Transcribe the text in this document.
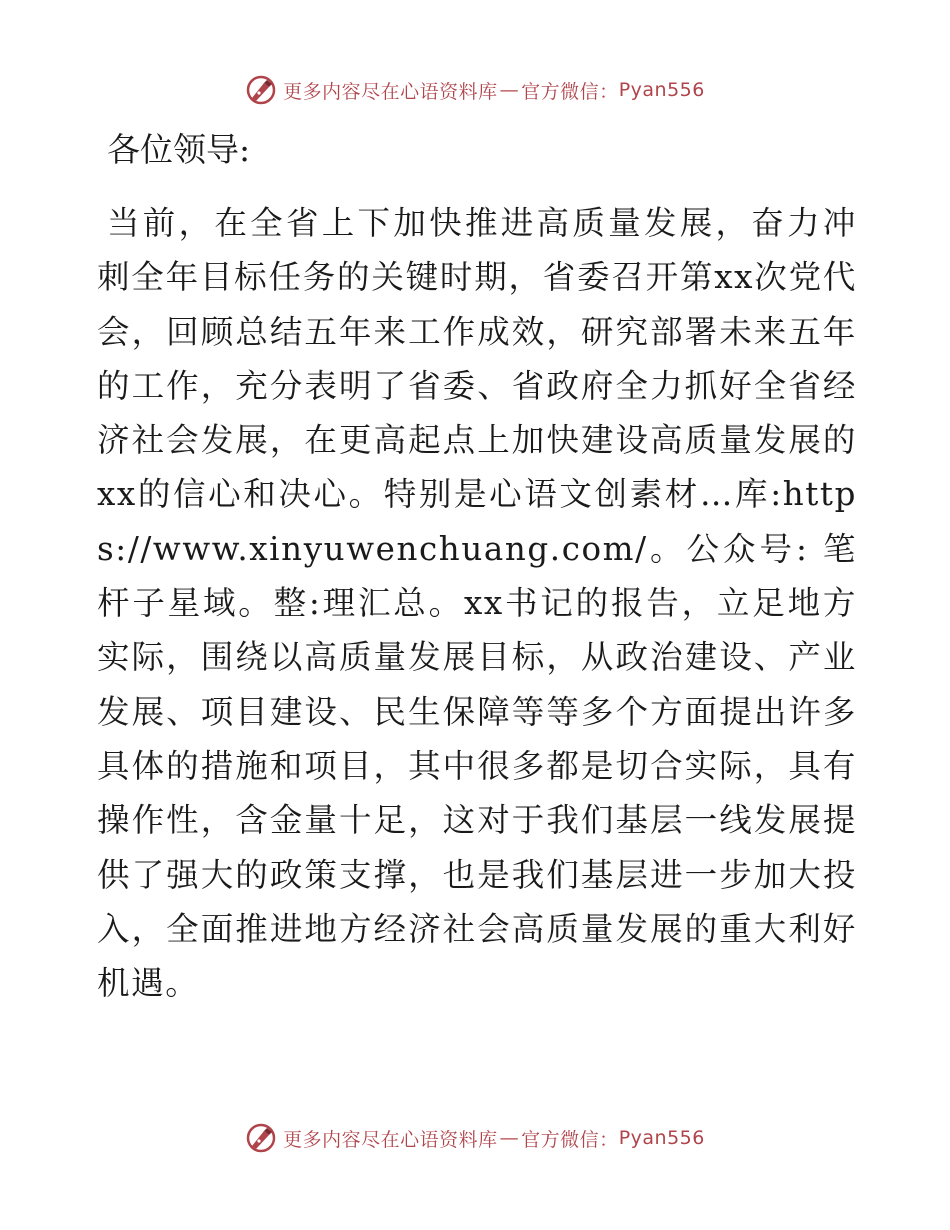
更多内容尽在心语资料库 — 官方微信： Pyan556
各位领导:

当前，在全省上下加快推进高质量发展，奋力冲刺全年目标任务的关键时期，省委召开第xx次党代会，回顾总结五年来工作成效，研究部署未来五年的工作，充分表明了省委、省政府全力抓好全省经济社会发展，在更高起点上加快建设高质量发展的xx的信心和决心。特别是心语文创素材…库:https://www.xinyuwenchuang.com/。公众号: 笔杆子星域。整:理汇总。xx书记的报告，立足地方实际，围绕以高质量发展目标，从政治建设、产业发展、项目建设、民生保障等等多个方面提出许多具体的措施和项目，其中很多都是切合实际，具有操作性，含金量十足，这对于我们基层一线发展提供了强大的政策支撑，也是我们基层进一步加大投入，全面推进地方经济社会高质量发展的重大利好机遇。

更多内容尽在心语资料库 — 官方微信： Pyan556
